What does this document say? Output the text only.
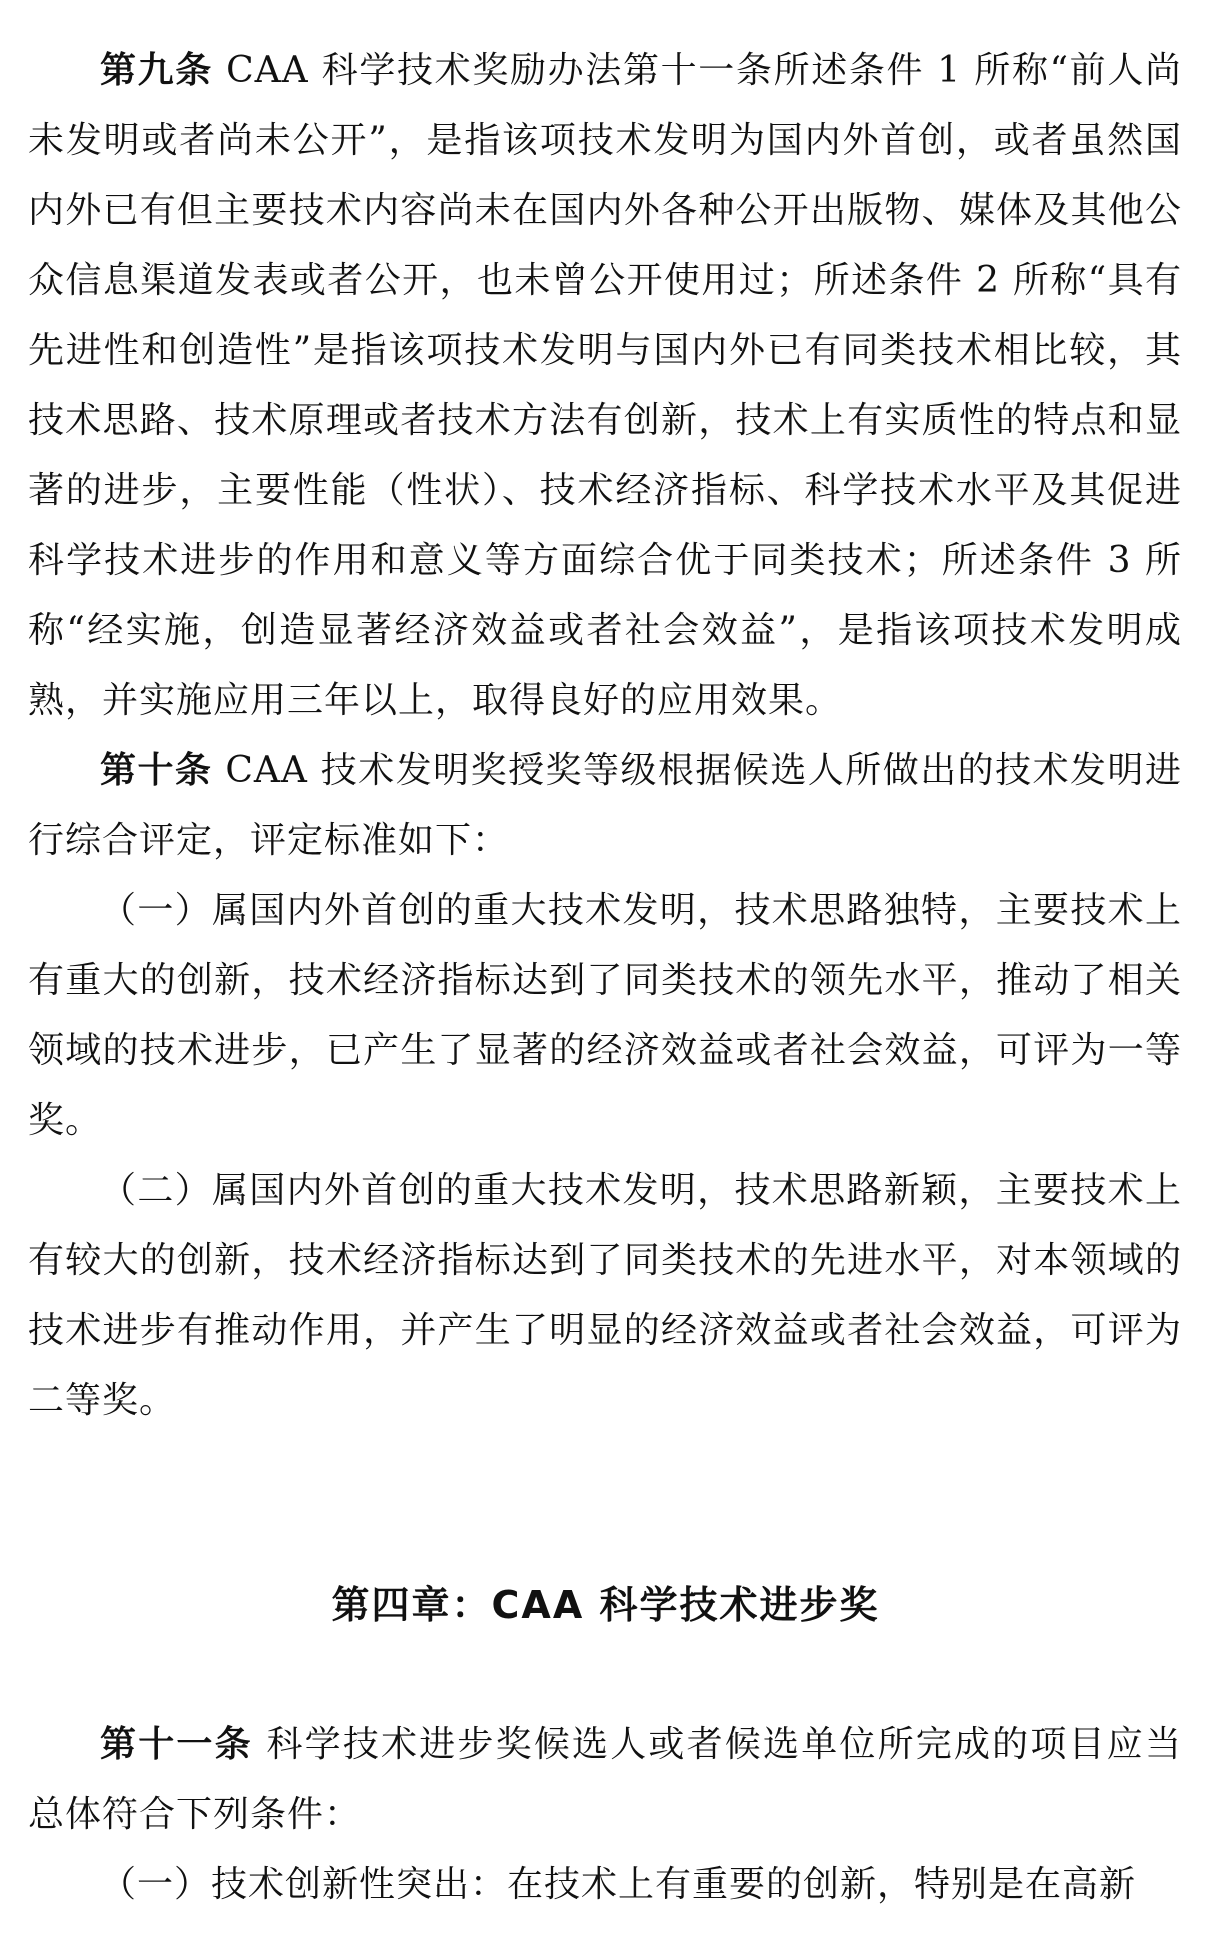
第九条 CAA 科学技术奖励办法第十一条所述条件 1 所称“前人尚未发明或者尚未公开”，是指该项技术发明为国内外首创，或者虽然国内外已有但主要技术内容尚未在国内外各种公开出版物、媒体及其他公众信息渠道发表或者公开，也未曾公开使用过；所述条件 2 所称“具有先进性和创造性”是指该项技术发明与国内外已有同类技术相比较，其技术思路、技术原理或者技术方法有创新，技术上有实质性的特点和显著的进步，主要性能（性状）、技术经济指标、科学技术水平及其促进科学技术进步的作用和意义等方面综合优于同类技术；所述条件 3 所称“经实施，创造显著经济效益或者社会效益”，是指该项技术发明成熟，并实施应用三年以上，取得良好的应用效果。

第十条 CAA 技术发明奖授奖等级根据候选人所做出的技术发明进行综合评定，评定标准如下：

（一）属国内外首创的重大技术发明，技术思路独特，主要技术上有重大的创新，技术经济指标达到了同类技术的领先水平，推动了相关领域的技术进步，已产生了显著的经济效益或者社会效益，可评为一等奖。

（二）属国内外首创的重大技术发明，技术思路新颖，主要技术上有较大的创新，技术经济指标达到了同类技术的先进水平，对本领域的技术进步有推动作用，并产生了明显的经济效益或者社会效益，可评为二等奖。

第四章：CAA 科学技术进步奖

第十一条 科学技术进步奖候选人或者候选单位所完成的项目应当总体符合下列条件：

（一）技术创新性突出：在技术上有重要的创新，特别是在高新
